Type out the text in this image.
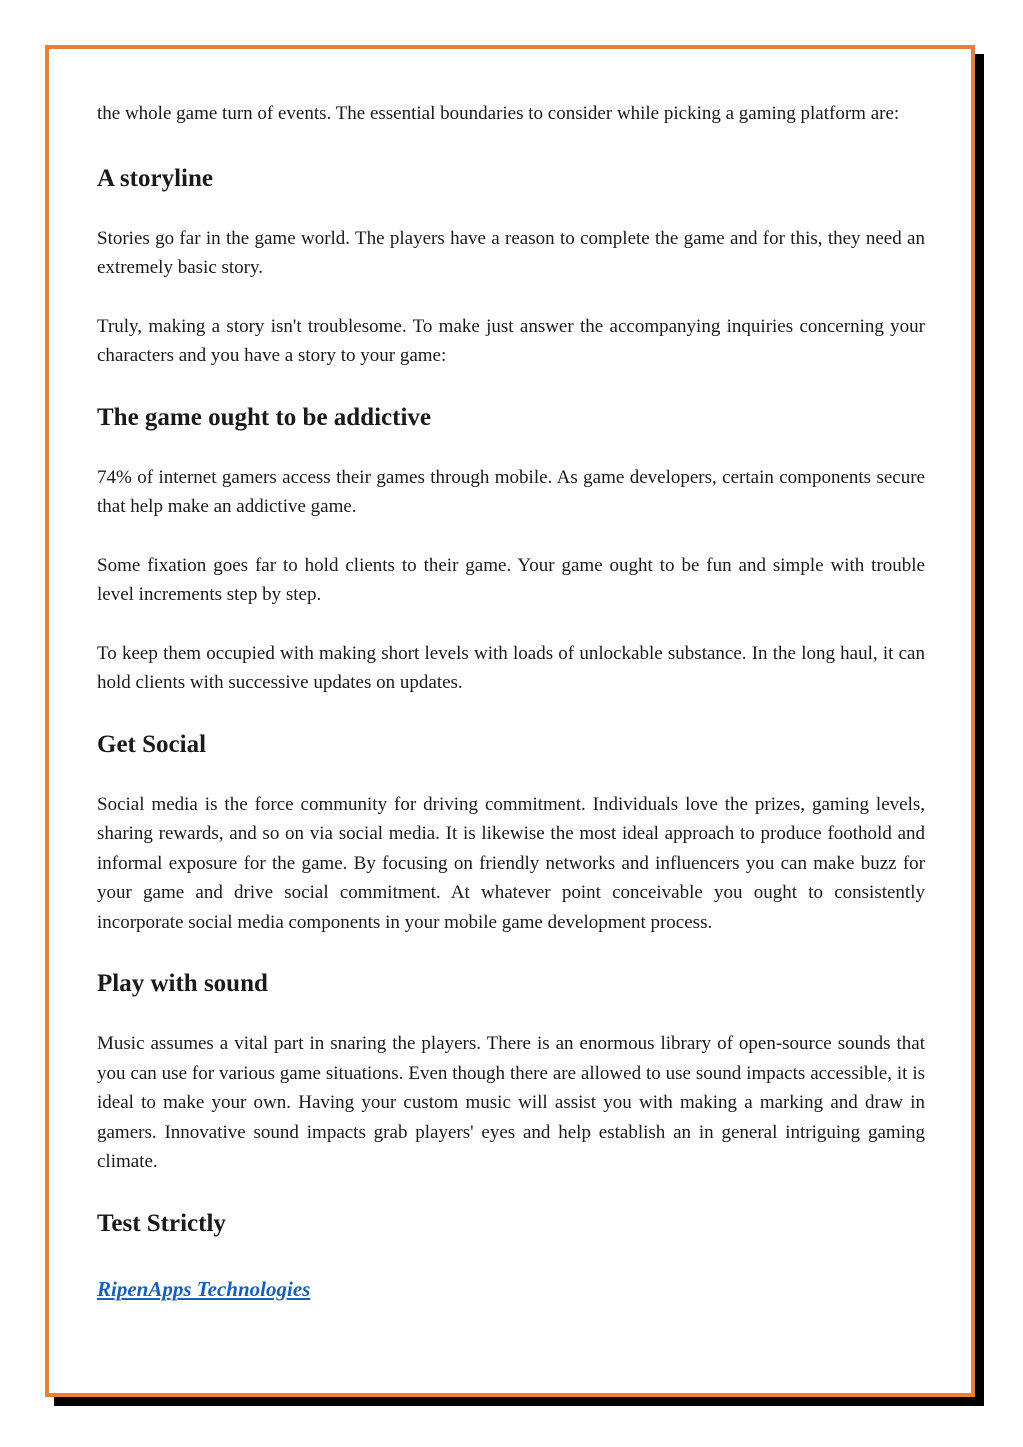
the whole game turn of events. The essential boundaries to consider while picking a gaming platform are:

A storyline

Stories go far in the game world. The players have a reason to complete the game and for this, they need an extremely basic story.

Truly, making a story isn't troublesome. To make just answer the accompanying inquiries concerning your characters and you have a story to your game:

The game ought to be addictive

74% of internet gamers access their games through mobile. As game developers, certain components secure that help make an addictive game.

Some fixation goes far to hold clients to their game. Your game ought to be fun and simple with trouble level increments step by step.

To keep them occupied with making short levels with loads of unlockable substance. In the long haul, it can hold clients with successive updates on updates.

Get Social

Social media is the force community for driving commitment. Individuals love the prizes, gaming levels, sharing rewards, and so on via social media. It is likewise the most ideal approach to produce foothold and informal exposure for the game. By focusing on friendly networks and influencers you can make buzz for your game and drive social commitment. At whatever point conceivable you ought to consistently incorporate social media components in your mobile game development process.

Play with sound

Music assumes a vital part in snaring the players. There is an enormous library of open-source sounds that you can use for various game situations. Even though there are allowed to use sound impacts accessible, it is ideal to make your own. Having your custom music will assist you with making a marking and draw in gamers. Innovative sound impacts grab players' eyes and help establish an in general intriguing gaming climate.

Test Strictly
RipenApps Technologies
